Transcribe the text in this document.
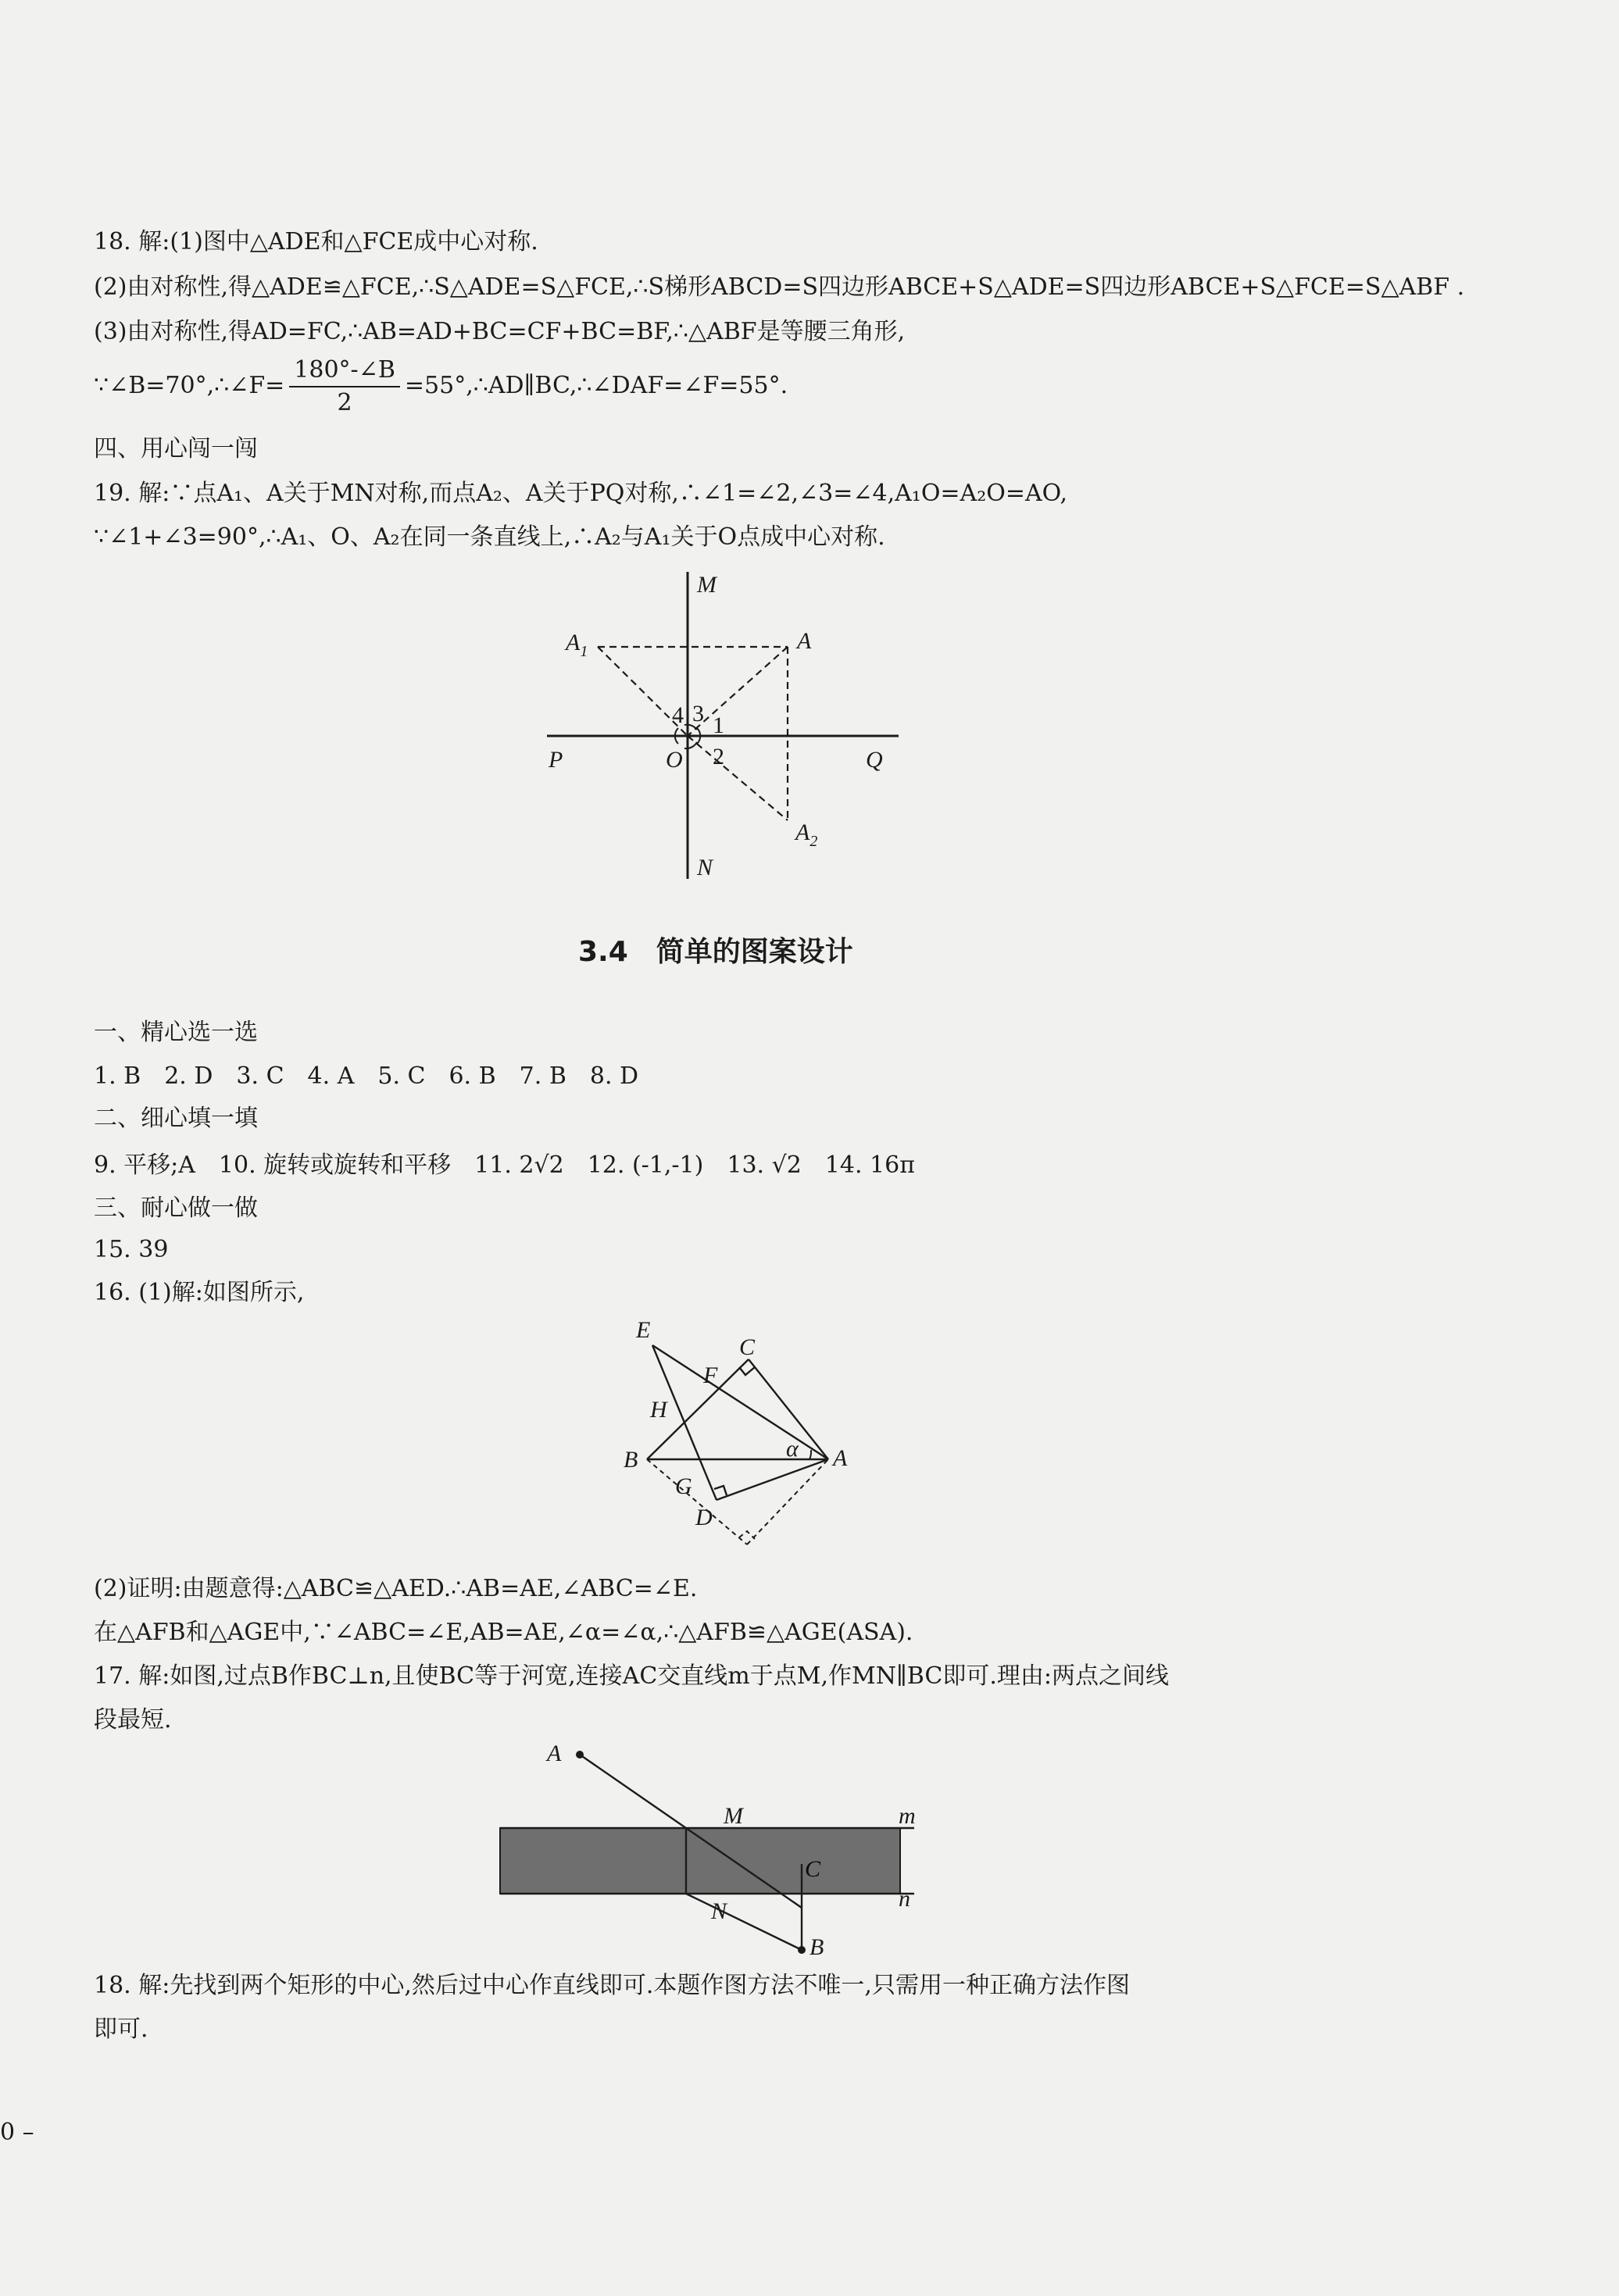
18. 解:(1)图中△ADE和△FCE成中心对称.
(2)由对称性,得△ADE≌△FCE,∴S△ADE=S△FCE,∴S梯形ABCD=S四边形ABCE+S△ADE=S四边形ABCE+S△FCE=S△ABF .
(3)由对称性,得AD=FC,∴AB=AD+BC=CF+BC=BF,∴△ABF是等腰三角形,
∵∠B=70°,∴∠F= $\frac{180^\circ-\angle B}{2}$ =55°,∴AD∥BC,∴∠DAF=∠F=55°.
四、用心闯一闯
19. 解:∵点A₁、A关于MN对称,而点A₂、A关于PQ对称,∴∠1=∠2,∠3=∠4,A₁O=A₂O=AO,
∵∠1+∠3=90°,∴A₁、O、A₂在同一条直线上,∴A₂与A₁关于O点成中心对称.
M
$A_1$	A
4 3 1
P	O 2	Q
$A_2$
N
3.4　简单的图案设计
一、精心选一选
1. B　2. D　3. C　4. A　5. C　6. B　7. B　8. D
二、细心填一填
9. 平移;A　10. 旋转或旋转和平移　11. 2√2　12. (-1,-1)　13. √2　14. 16π
三、耐心做一做
15. 39
16. (1)解:如图所示,
E
C
F
H
B	α A
G
D
(2)证明:由题意得:△ABC≌△AED.∴AB=AE,∠ABC=∠E.
在△AFB和△AGE中,∵∠ABC=∠E,AB=AE,∠α=∠α,∴△AFB≌△AGE(ASA).
17. 解:如图,过点B作BC⊥n,且使BC等于河宽,连接AC交直线m于点M,作MN∥BC即可.理由:两点之间线
段最短.
A
M	m
C
N	n
B
18. 解:先找到两个矩形的中心,然后过中心作直线即可.本题作图方法不唯一,只需用一种正确方法作图
即可.
0 –
